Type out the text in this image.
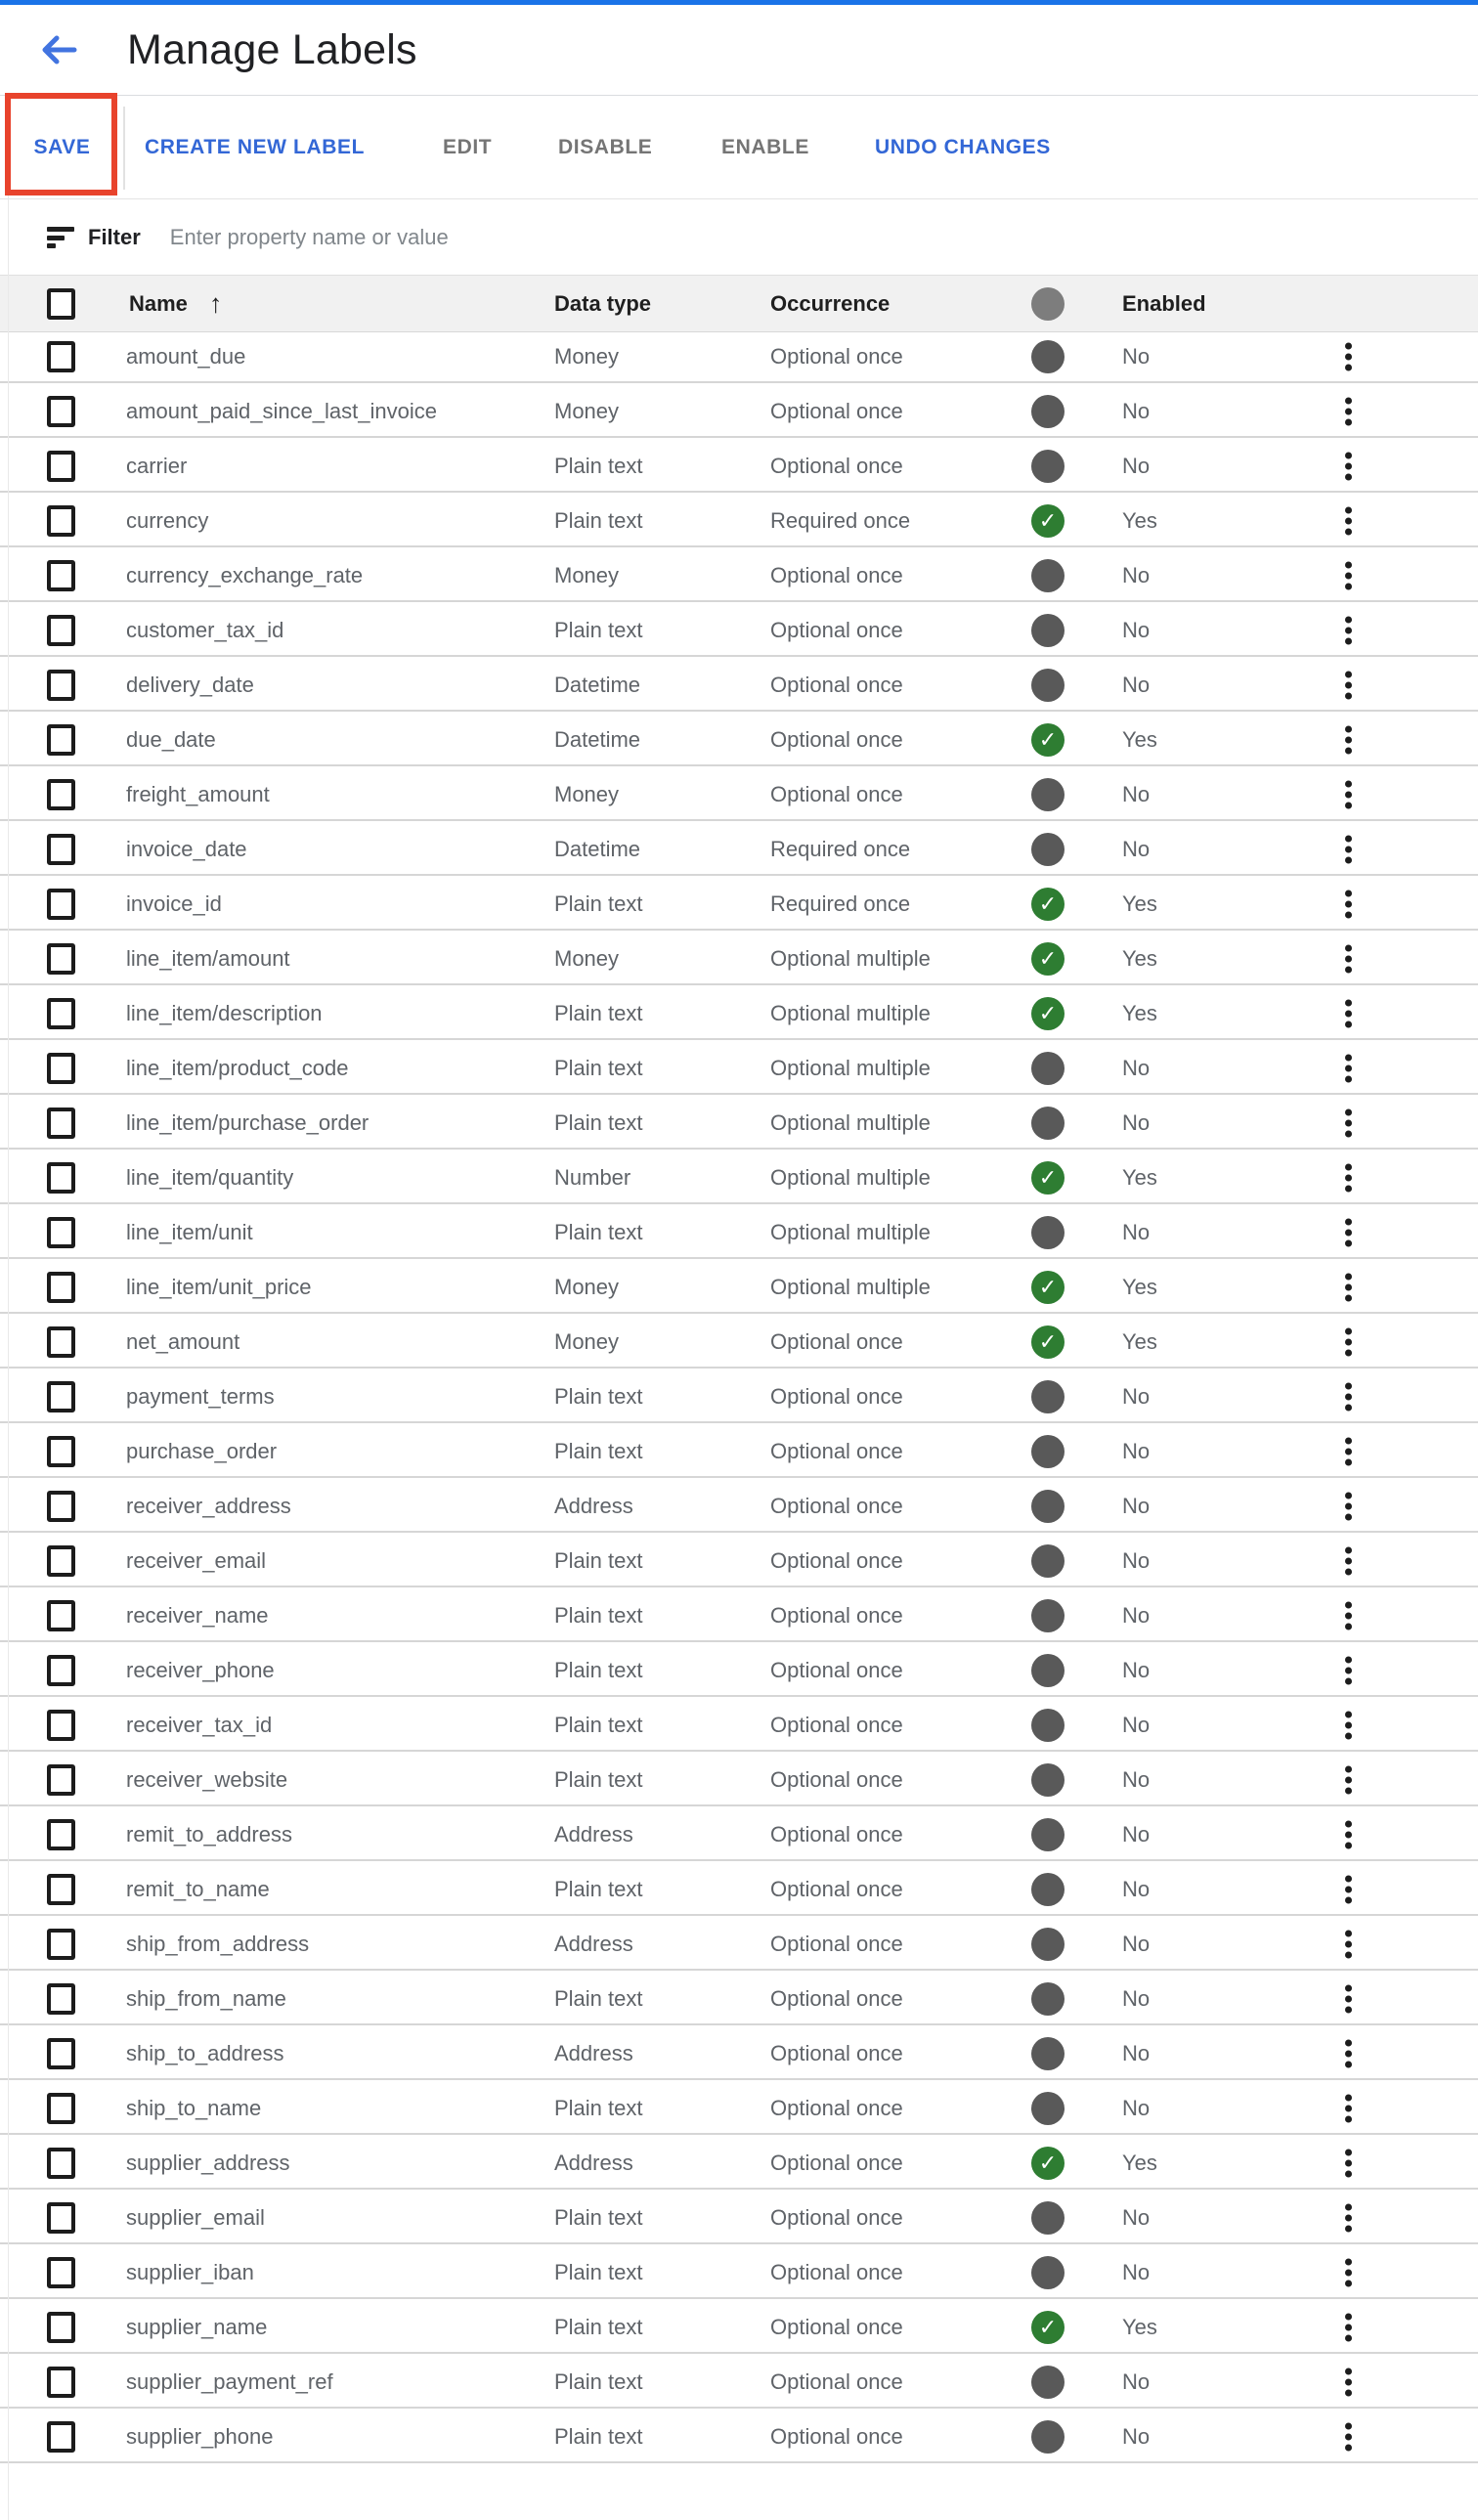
Manage Labels
SAVE	CREATE NEW LABEL	EDIT	DISABLE	ENABLE	UNDO CHANGES
Filter
Enter property name or value
Name ↑	Data type	Occurrence	Enabled
amount_due	Money	Optional once	No
amount_paid_since_last_invoice	Money	Optional once	No
carrier	Plain text	Optional once	No
currency	Plain text	Required once ✓	Yes
currency_exchange_rate	Money	Optional once	No
customer_tax_id	Plain text	Optional once	No
delivery_date	Datetime	Optional once	No
due_date	Datetime	Optional once ✓	Yes
freight_amount	Money	Optional once	No
invoice_date	Datetime	Required once	No
invoice_id	Plain text	Required once ✓	Yes
line_item/amount	Money	Optional multiple ✓	Yes
line_item/description	Plain text	Optional multiple ✓	Yes
line_item/product_code	Plain text	Optional multiple	No
line_item/purchase_order	Plain text	Optional multiple	No
line_item/quantity	Number	Optional multiple ✓	Yes
line_item/unit	Plain text	Optional multiple	No
line_item/unit_price	Money	Optional multiple ✓	Yes
net_amount	Money	Optional once ✓	Yes
payment_terms	Plain text	Optional once	No
purchase_order	Plain text	Optional once	No
receiver_address	Address	Optional once	No
receiver_email	Plain text	Optional once	No
receiver_name	Plain text	Optional once	No
receiver_phone	Plain text	Optional once	No
receiver_tax_id	Plain text	Optional once	No
receiver_website	Plain text	Optional once	No
remit_to_address	Address	Optional once	No
remit_to_name	Plain text	Optional once	No
ship_from_address	Address	Optional once	No
ship_from_name	Plain text	Optional once	No
ship_to_address	Address	Optional once	No
ship_to_name	Plain text	Optional once	No
supplier_address	Address	Optional once ✓	Yes
supplier_email	Plain text	Optional once	No
supplier_iban	Plain text	Optional once	No
supplier_name	Plain text	Optional once ✓	Yes
supplier_payment_ref	Plain text	Optional once	No
supplier_phone	Plain text	Optional once	No
